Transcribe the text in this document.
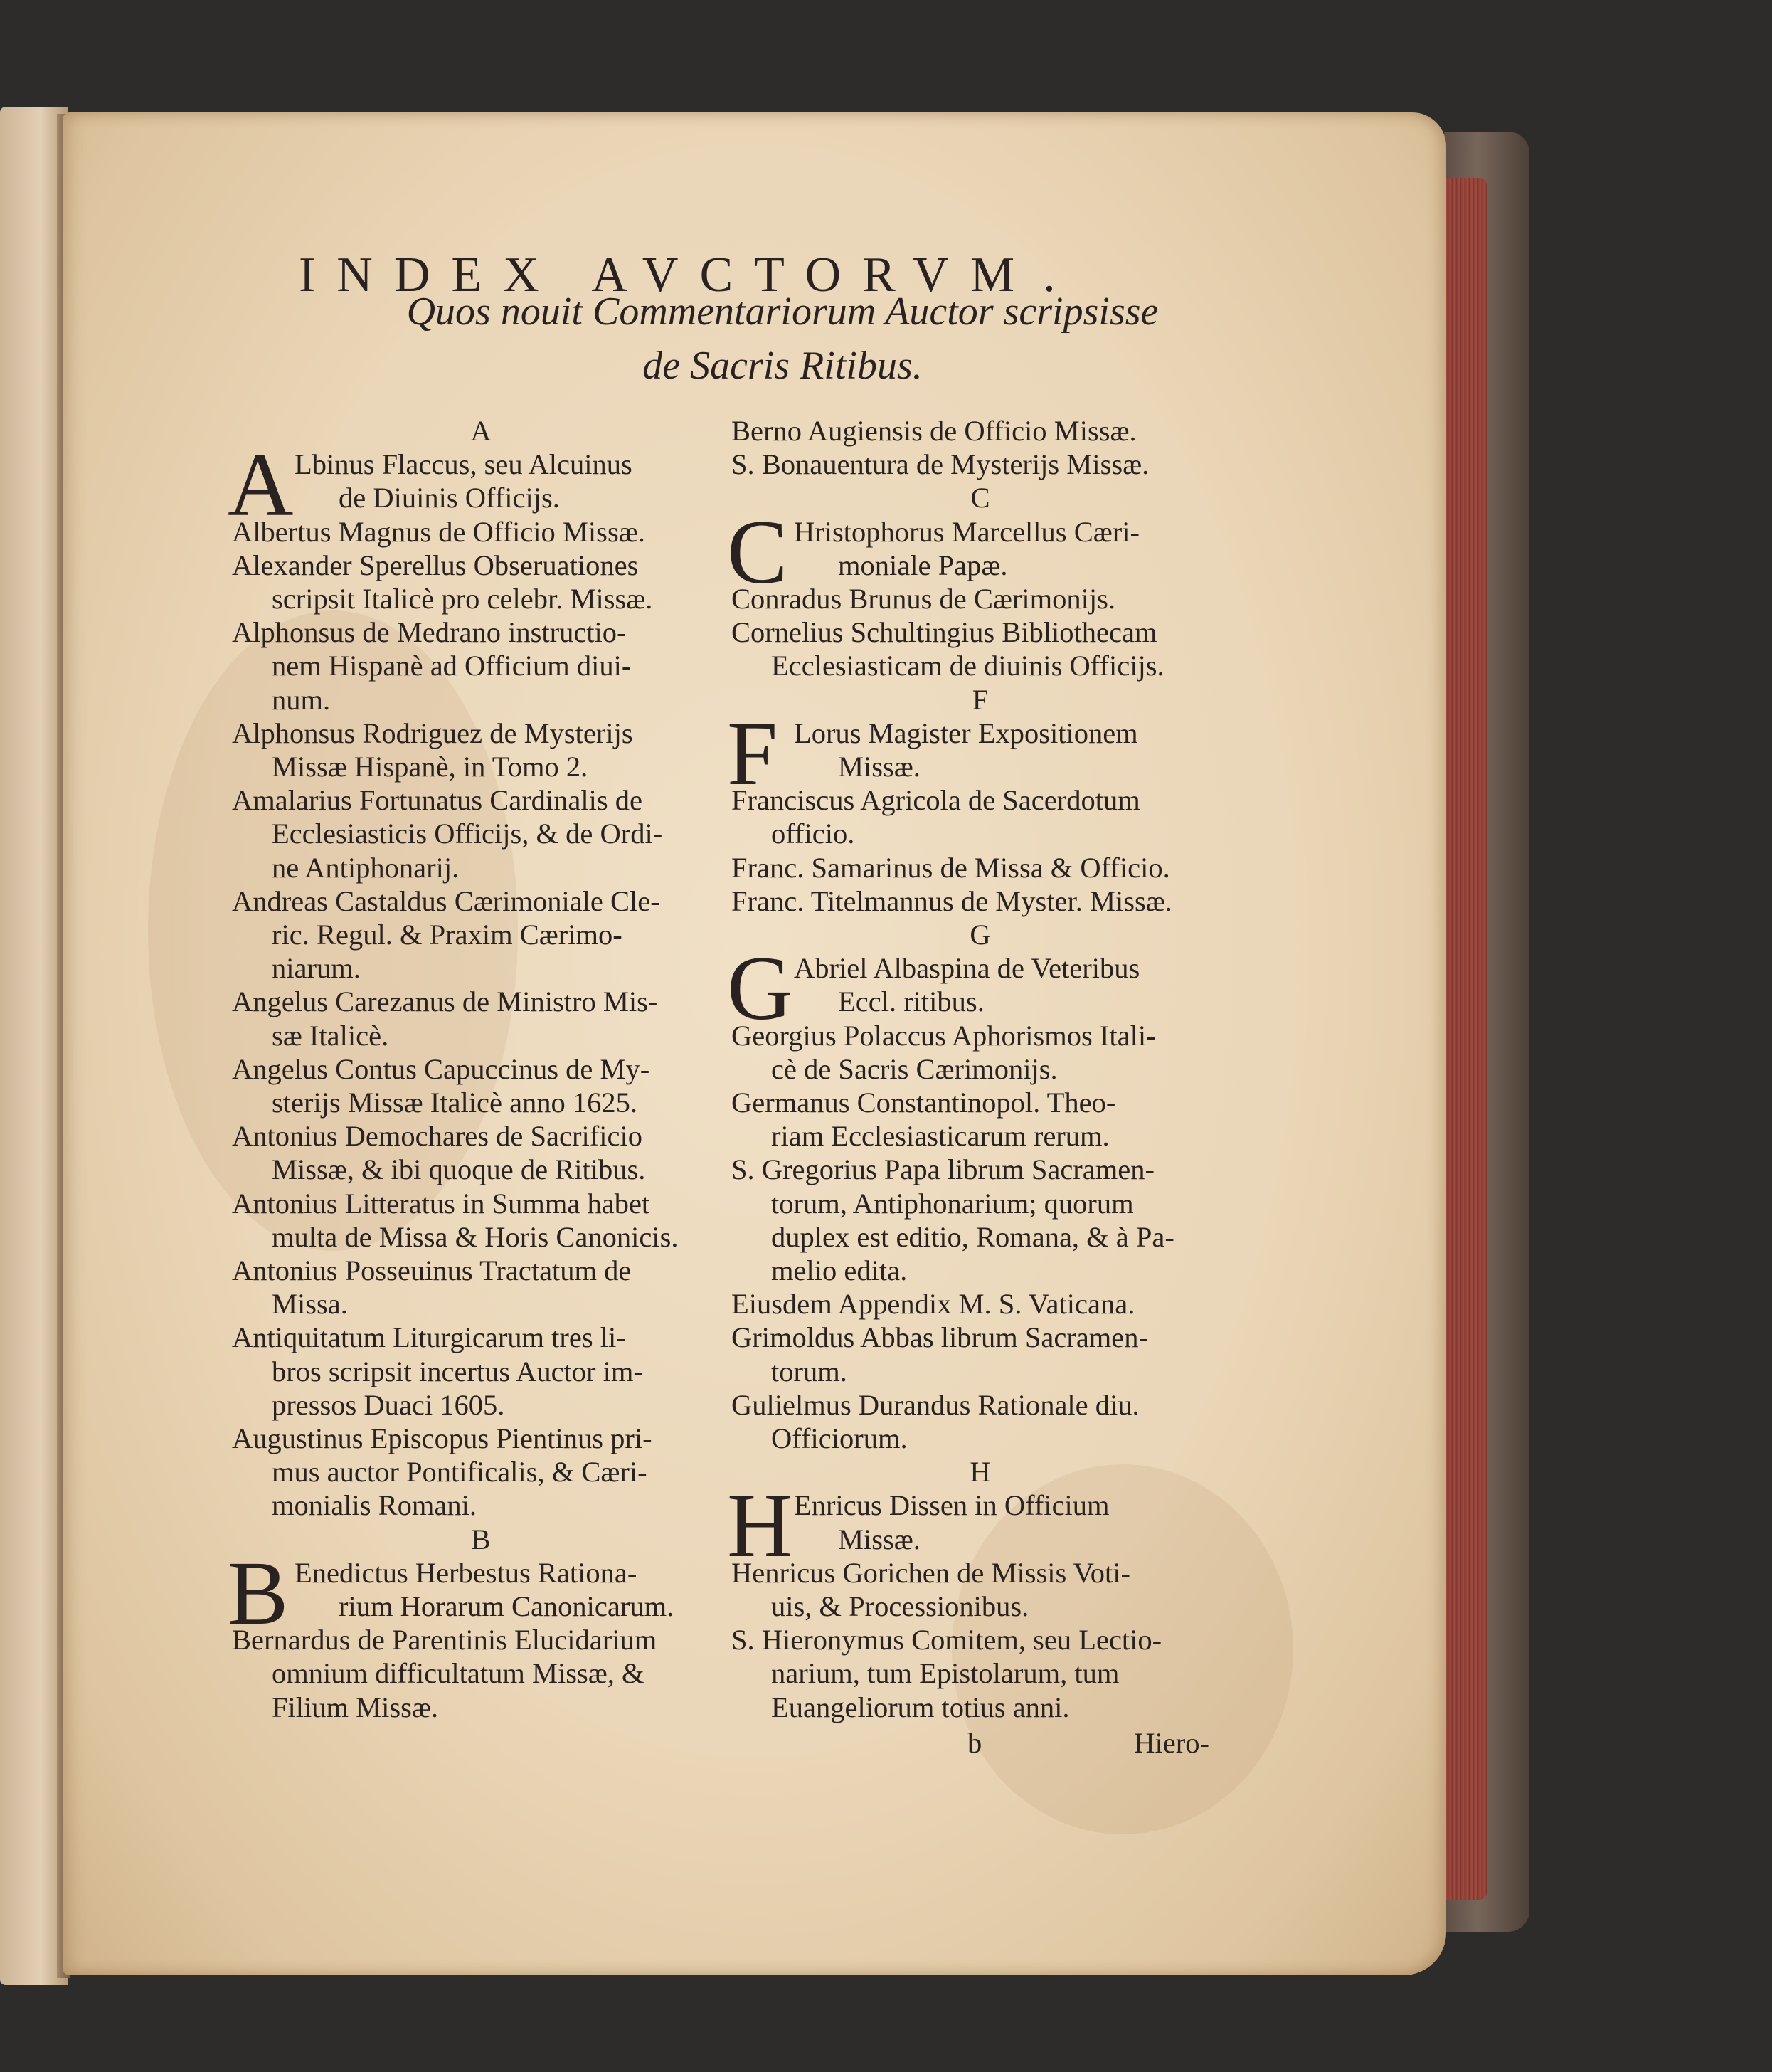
INDEX AVCTORVM .
Quos nouit Commentariorum Auctor scripsisse
de Sacris Ritibus.
A
A Lbinus Flaccus, seu Alcuinus
de Diuinis Officijs.
Albertus Magnus de Officio Missæ.
Alexander Sperellus Obseruationes
scripsit Italicè pro celebr. Missæ.
Alphonsus de Medrano instructio-
nem Hispanè ad Officium diui-
num.
Alphonsus Rodriguez de Mysterijs
Missæ Hispanè, in Tomo 2.
Amalarius Fortunatus Cardinalis de
Ecclesiasticis Officijs, & de Ordi-
ne Antiphonarij.
Andreas Castaldus Cærimoniale Cle-
ric. Regul. & Praxim Cærimo-
niarum.
Angelus Carezanus de Ministro Mis-
sæ Italicè.
Angelus Contus Capuccinus de My-
sterijs Missæ Italicè anno 1625.
Antonius Demochares de Sacrificio
Missæ, & ibi quoque de Ritibus.
Antonius Litteratus in Summa habet
multa de Missa & Horis Canonicis.
Antonius Posseuinus Tractatum de
Missa.
Antiquitatum Liturgicarum tres li-
bros scripsit incertus Auctor im-
pressos Duaci 1605.
Augustinus Episcopus Pientinus pri-
mus auctor Pontificalis, & Cæri-
monialis Romani.
B
B Enedictus Herbestus Rationa-
rium Horarum Canonicarum.
Bernardus de Parentinis Elucidarium
omnium difficultatum Missæ, &
Filium Missæ.
Berno Augiensis de Officio Missæ.
S. Bonauentura de Mysterijs Missæ.
C
C Hristophorus Marcellus Cæri-
moniale Papæ.
Conradus Brunus de Cærimonijs.
Cornelius Schultingius Bibliothecam
Ecclesiasticam de diuinis Officijs.
F
F Lorus Magister Expositionem
Missæ.
Franciscus Agricola de Sacerdotum
officio.
Franc. Samarinus de Missa & Officio.
Franc. Titelmannus de Myster. Missæ.
G
G Abriel Albaspina de Veteribus
Eccl. ritibus.
Georgius Polaccus Aphorismos Itali-
cè de Sacris Cærimonijs.
Germanus Constantinopol. Theo-
riam Ecclesiasticarum rerum.
S. Gregorius Papa librum Sacramen-
torum, Antiphonarium; quorum
duplex est editio, Romana, & à Pa-
melio edita.
Eiusdem Appendix M. S. Vaticana.
Grimoldus Abbas librum Sacramen-
torum.
Gulielmus Durandus Rationale diu.
Officiorum.
H
H Enricus Dissen in Officium
Missæ.
Henricus Gorichen de Missis Voti-
uis, & Processionibus.
S. Hieronymus Comitem, seu Lectio-
narium, tum Epistolarum, tum
Euangeliorum totius anni.
b	Hiero-
